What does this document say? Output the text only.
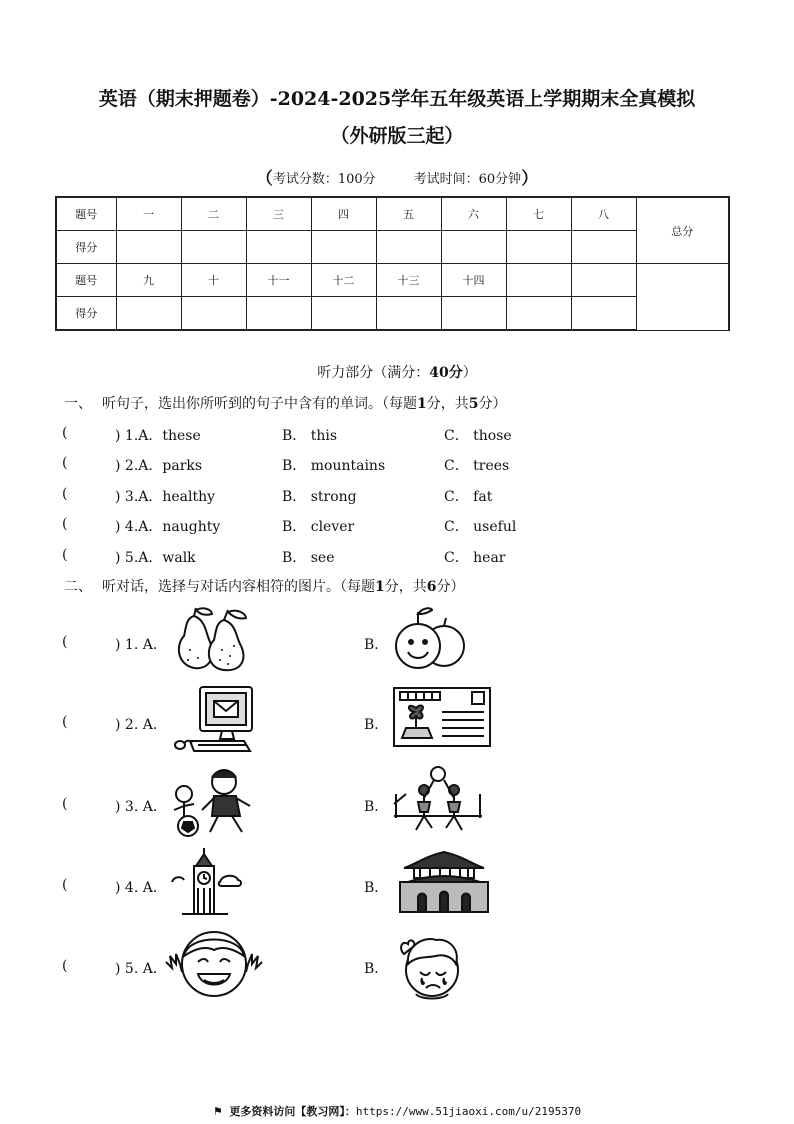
英语（期末押题卷）-2024-2025学年五年级英语上学期期末全真模拟
（外研版三起）
（考试分数：100分	考试时间：60分钟）
题号	一	二	三	四	五	六	七	八	总分
得分									
题号	九	十	十一	十二	十三	十四			
得分									
听力部分（满分：40分）
一、 听句子，选出你所听到的句子中含有的单词。（每题1分，共5分）
(	) 1.A．these	B． this	C． those
(	) 2.A．parks	B． mountains	C． trees
(	) 3.A．healthy	B． strong	C． fat
(	) 4.A．naughty	B． clever	C． useful
(	) 5.A．walk	B． see	C． hear
二、 听对话，选择与对话内容相符的图片。（每题1分，共6分）
(	) 1. A．	B．
(	) 2. A．	B．
(	) 3. A．	B．
(	) 4. A．	B．
(	) 5. A．	B．
⚑ 更多资料访问【教习网】：https://www.51jiaoxi.com/u/2195370
